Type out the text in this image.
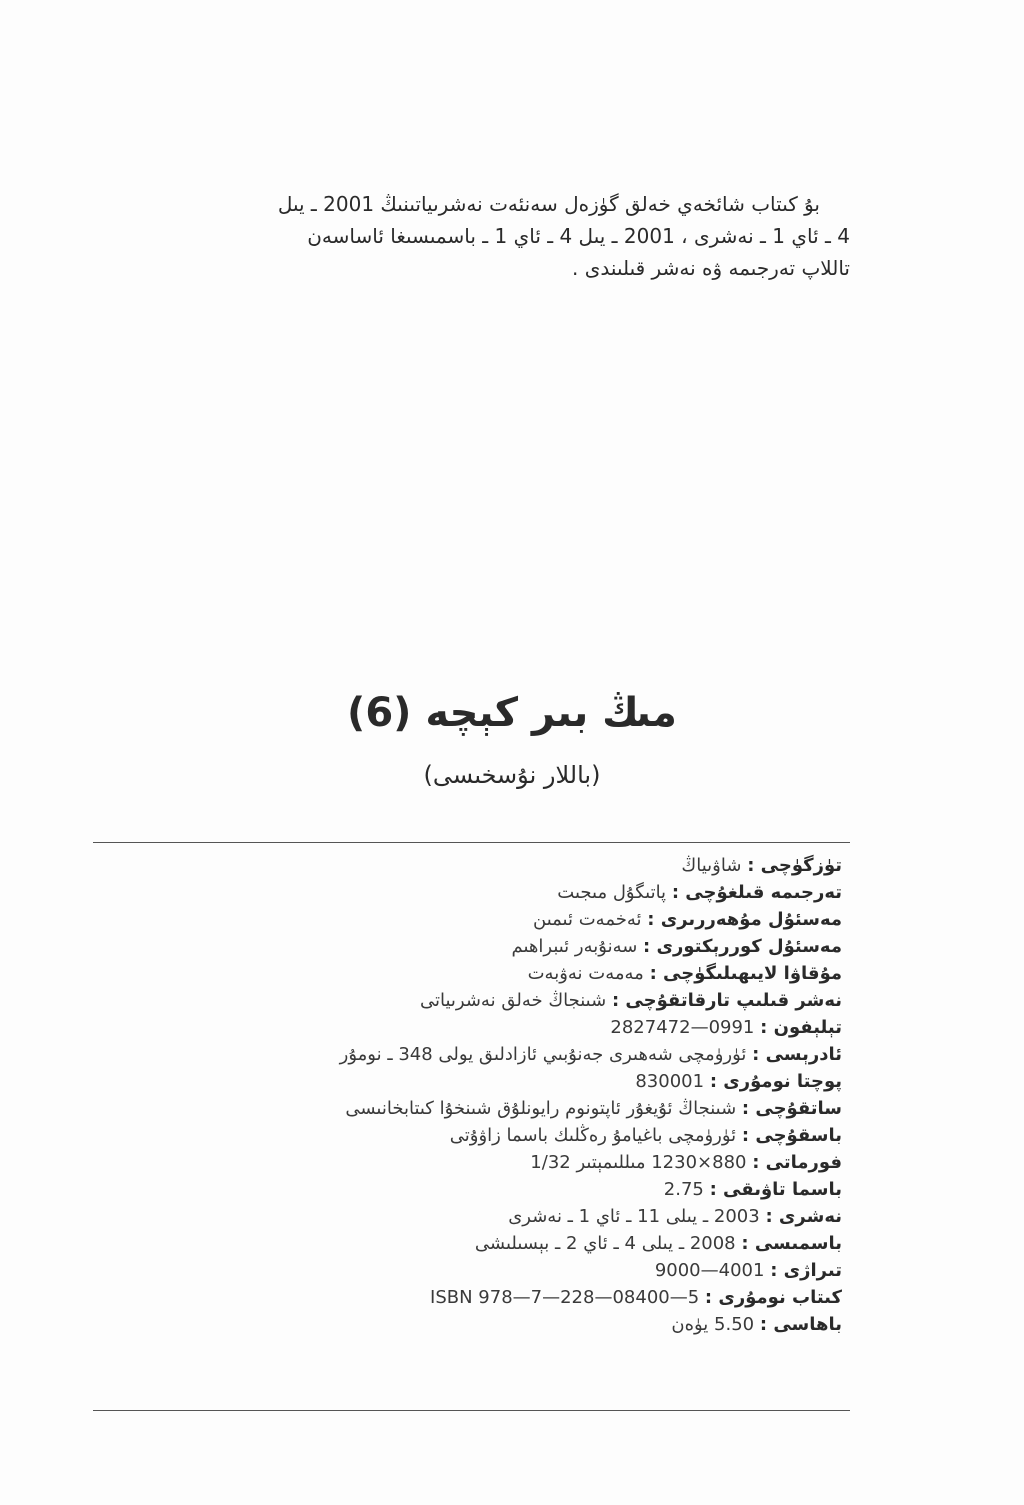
بۇ كىتاب شائخەي خەلق گۈزەل سەنئەت نەشرىياتىنىڭ 2001 ـ يىل
4 ـ ئاي 1 ـ نەشرى ، 2001 ـ يىل 4 ـ ئاي 1 ـ باسمىسىغا ئاساسەن
تاللاپ تەرجىمە ۋە نەشر قىلىندى .
مىڭ بىر كېچە (6)
(باللار نۇسخىسى)
تۈزگۈچى : شاۋىياڭ
تەرجىمە قىلغۇچى : پاتىگۇل مىجىت
مەسئۇل مۇھەررىرى : ئەخمەت ئىمىن
مەسئۇل كوررېكتورى : سەنۇبەر ئىبراھىم
مۇقاۋا لايىھىلىگۈچى : مەمەت نەۋبەت
نەشر قىلىپ تارقاتقۇچى : شىنجاڭ خەلق نەشرىياتى
تېلېفون : 0991—2827472
ئادرېسى : ئۈرۈمچى شەھىرى جەنۇبىي ئازادلىق يولى 348 ـ نومۇر
پوچتا نومۇرى : 830001
ساتقۇچى : شىنجاڭ ئۇيغۇر ئاپتونوم رايونلۇق شىنخۇا كىتابخانىسى
باسقۇچى : ئۈرۈمچى باغيامۇ رەڭلىك باسما زاۋۇتى
فورماتى : 880×1230 مىللىمېتىر 1/32
باسما تاۋىقى : 2.75
نەشرى : 2003 ـ يىلى 11 ـ ئاي 1 ـ نەشرى
باسمىسى : 2008 ـ يىلى 4 ـ ئاي 2 ـ بېسىلىشى
تىراژى : 4001—9000
كىتاب نومۇرى : ISBN 978—7—228—08400—5
باھاسى : 5.50 يۈەن
